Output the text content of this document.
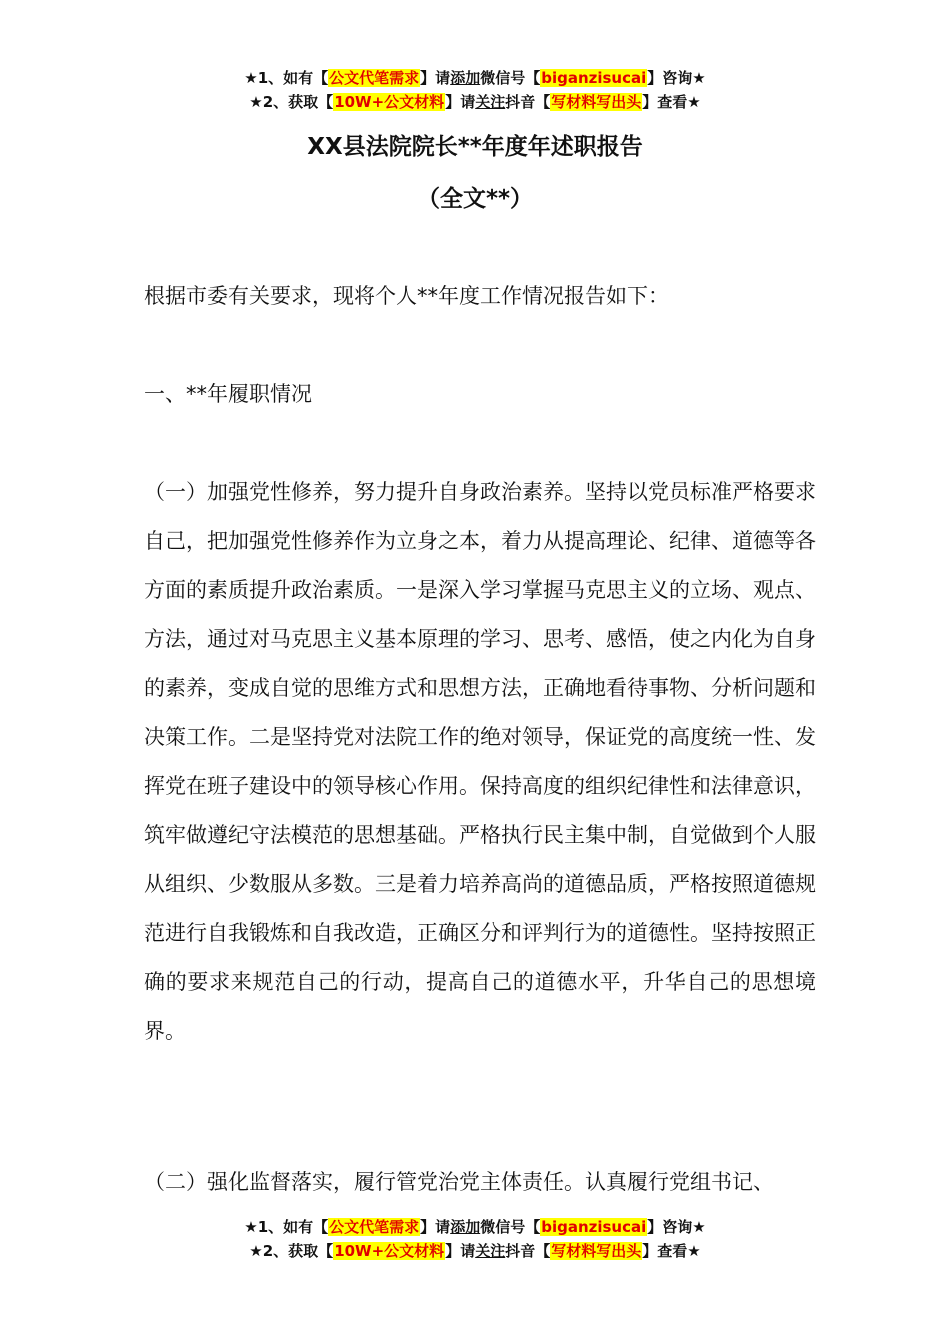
★1、如有【公文代笔需求】请添加微信号【biganzisucai】咨询★
★2、获取【10W+公文材料】请关注抖音【写材料写出头】查看★
XX县法院院长**年度年述职报告
（全文**）

根据市委有关要求，现将个人**年度工作情况报告如下：

一、**年履职情况

（一）加强党性修养，努力提升自身政治素养。坚持以党员标准严格要求自己，把加强党性修养作为立身之本，着力从提高理论、纪律、道德等各方面的素质提升政治素质。一是深入学习掌握马克思主义的立场、观点、方法，通过对马克思主义基本原理的学习、思考、感悟，使之内化为自身的素养，变成自觉的思维方式和思想方法，正确地看待事物、分析问题和决策工作。二是坚持党对法院工作的绝对领导，保证党的高度统一性、发挥党在班子建设中的领导核心作用。保持高度的组织纪律性和法律意识，筑牢做遵纪守法模范的思想基础。严格执行民主集中制，自觉做到个人服从组织、少数服从多数。三是着力培养高尚的道德品质，严格按照道德规范进行自我锻炼和自我改造，正确区分和评判行为的道德性。坚持按照正确的要求来规范自己的行动，提高自己的道德水平，升华自己的思想境界。

（二）强化监督落实，履行管党治党主体责任。认真履行党组书记、

★1、如有【公文代笔需求】请添加微信号【biganzisucai】咨询★
★2、获取【10W+公文材料】请关注抖音【写材料写出头】查看★
